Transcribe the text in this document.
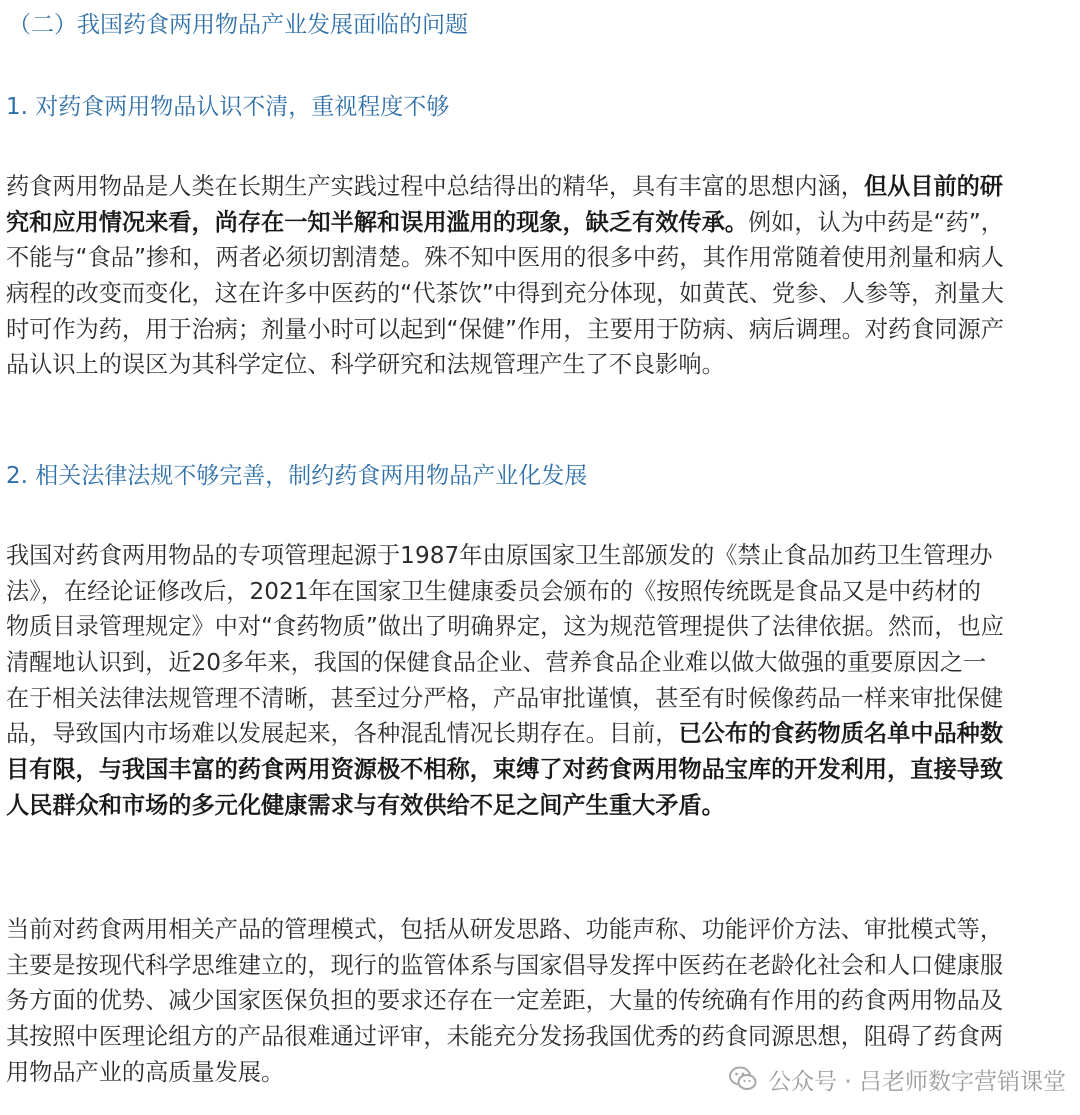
（二）我国药食两用物品产业发展面临的问题
1. 对药食两用物品认识不清，重视程度不够
药食两用物品是人类在长期生产实践过程中总结得出的精华，具有丰富的思想内涵，但从目前的研
究和应用情况来看，尚存在一知半解和误用滥用的现象，缺乏有效传承。例如，认为中药是“药”，
不能与“食品”掺和，两者必须切割清楚。殊不知中医用的很多中药，其作用常随着使用剂量和病人
病程的改变而变化，这在许多中医药的“代茶饮”中得到充分体现，如黄芪、党参、人参等，剂量大
时可作为药，用于治病；剂量小时可以起到“保健”作用，主要用于防病、病后调理。对药食同源产
品认识上的误区为其科学定位、科学研究和法规管理产生了不良影响。
2. 相关法律法规不够完善，制约药食两用物品产业化发展
我国对药食两用物品的专项管理起源于1987年由原国家卫生部颁发的《禁止食品加药卫生管理办
法》，在经论证修改后，2021年在国家卫生健康委员会颁布的《按照传统既是食品又是中药材的
物质目录管理规定》中对“食药物质”做出了明确界定，这为规范管理提供了法律依据。然而，也应
清醒地认识到，近20多年来，我国的保健食品企业、营养食品企业难以做大做强的重要原因之一
在于相关法律法规管理不清晰，甚至过分严格，产品审批谨慎，甚至有时候像药品一样来审批保健
品，导致国内市场难以发展起来，各种混乱情况长期存在。目前，已公布的食药物质名单中品种数
目有限，与我国丰富的药食两用资源极不相称，束缚了对药食两用物品宝库的开发利用，直接导致
人民群众和市场的多元化健康需求与有效供给不足之间产生重大矛盾。
当前对药食两用相关产品的管理模式，包括从研发思路、功能声称、功能评价方法、审批模式等，
主要是按现代科学思维建立的，现行的监管体系与国家倡导发挥中医药在老龄化社会和人口健康服
务方面的优势、减少国家医保负担的要求还存在一定差距，大量的传统确有作用的药食两用物品及
其按照中医理论组方的产品很难通过评审，未能充分发扬我国优秀的药食同源思想，阻碍了药食两
用物品产业的高质量发展。	公众号 · 吕老师数字营销课堂
